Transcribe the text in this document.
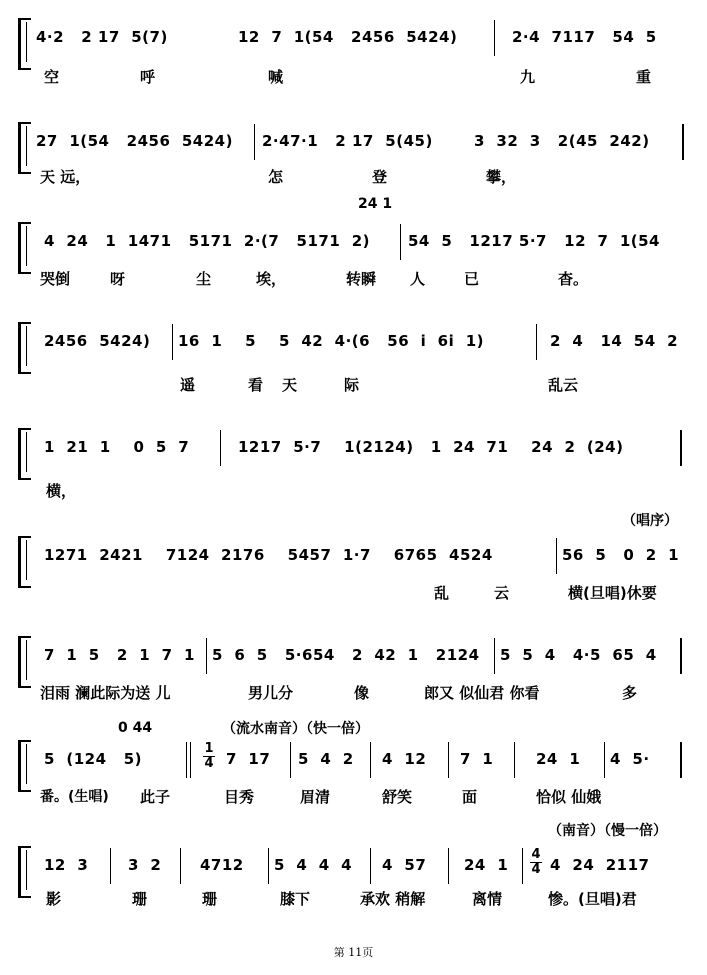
4·2   2 17  5(7)	12  7  1(54   2456  5424)	2·4  7117   54  5
空	呼	喊	九	重
27  1(54   2456  5424) 2·47·1   2 17  5(45)	3  32  3   2(45  242)
天 远，	怎	登	攀，
24 1
4  24   1  1471   5171  2·(7   5171  2)	54  5   1217 5·7   12  7  1(54
哭倒	呀	尘	埃，	转瞬 人	已	杳。
2456  5424) 16  1    5    5  42  4·(6   56  i  6i  1)	2  4   14  54  2
遥	看 天	际	乱云
1  21  1    0  5  7	1217  5·7    1(2124)   1  24  71    24  2  (24)
横，
（唱序）
1271  2421    7124  2176    5457  1·7    6765  4524	56  5   0  2  1
乱	云	横(旦唱)休要
7  1  5   2  1  7  1 5  6  5   5·654   2  42  1   2124 5  5  4   4·5  65  4
泪雨 澜此际为送 儿	男儿分	像	郎又 似仙君 你看	多
0 44	（流水南音）（快一倍）
5  (124   5)
1
4 7  17 5  4  2 4  12 7  1	24  1 4  5·
番。(生唱) 此子	目秀	眉清	舒笑	面	恰似 仙娥
（南音）（慢一倍）
12  3	3  2	4712 5  4  4  4 4  57	24  1
4
4 4  24  2117
影	珊	珊	膝下	承欢 稍解	离情	惨。(旦唱)君
第 11页
